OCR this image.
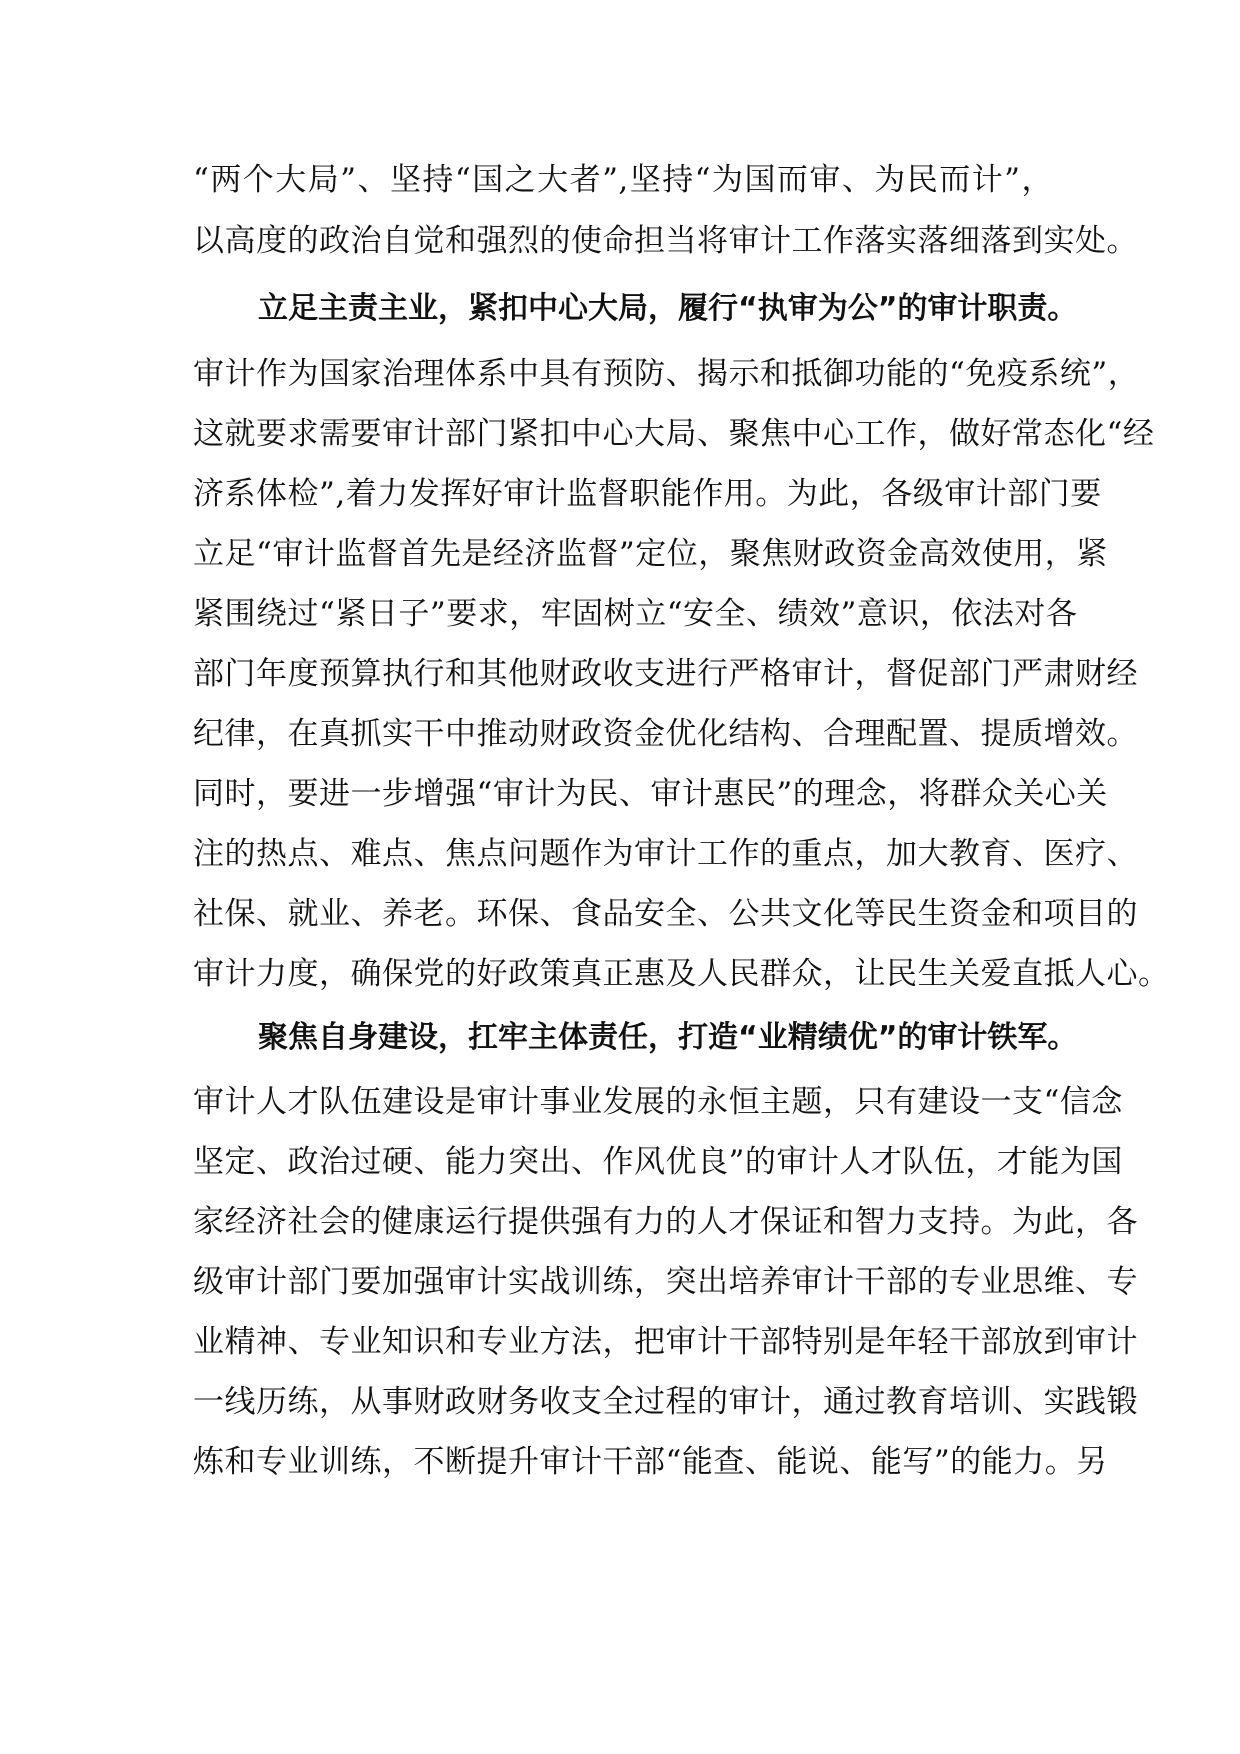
“两个大局”、坚持“国之大者”,坚持“为国而审、为民而计”，
以高度的政治自觉和强烈的使命担当将审计工作落实落细落到实处。
立足主责主业，紧扣中心大局，履行“执审为公”的审计职责。
审计作为国家治理体系中具有预防、揭示和抵御功能的“免疫系统”，
这就要求需要审计部门紧扣中心大局、聚焦中心工作，做好常态化“经
济系体检”,着力发挥好审计监督职能作用。为此，各级审计部门要
立足“审计监督首先是经济监督”定位，聚焦财政资金高效使用，紧
紧围绕过“紧日子”要求，牢固树立“安全、绩效”意识，依法对各
部门年度预算执行和其他财政收支进行严格审计，督促部门严肃财经
纪律，在真抓实干中推动财政资金优化结构、合理配置、提质增效。
同时，要进一步增强“审计为民、审计惠民”的理念，将群众关心关
注的热点、难点、焦点问题作为审计工作的重点，加大教育、医疗、
社保、就业、养老。环保、食品安全、公共文化等民生资金和项目的
审计力度，确保党的好政策真正惠及人民群众，让民生关爱直抵人心。
聚焦自身建设，扛牢主体责任，打造“业精绩优”的审计铁军。
审计人才队伍建设是审计事业发展的永恒主题，只有建设一支“信念
坚定、政治过硬、能力突出、作风优良”的审计人才队伍，才能为国
家经济社会的健康运行提供强有力的人才保证和智力支持。为此，各
级审计部门要加强审计实战训练，突出培养审计干部的专业思维、专
业精神、专业知识和专业方法，把审计干部特别是年轻干部放到审计
一线历练，从事财政财务收支全过程的审计，通过教育培训、实践锻
炼和专业训练，不断提升审计干部“能查、能说、能写”的能力。另
